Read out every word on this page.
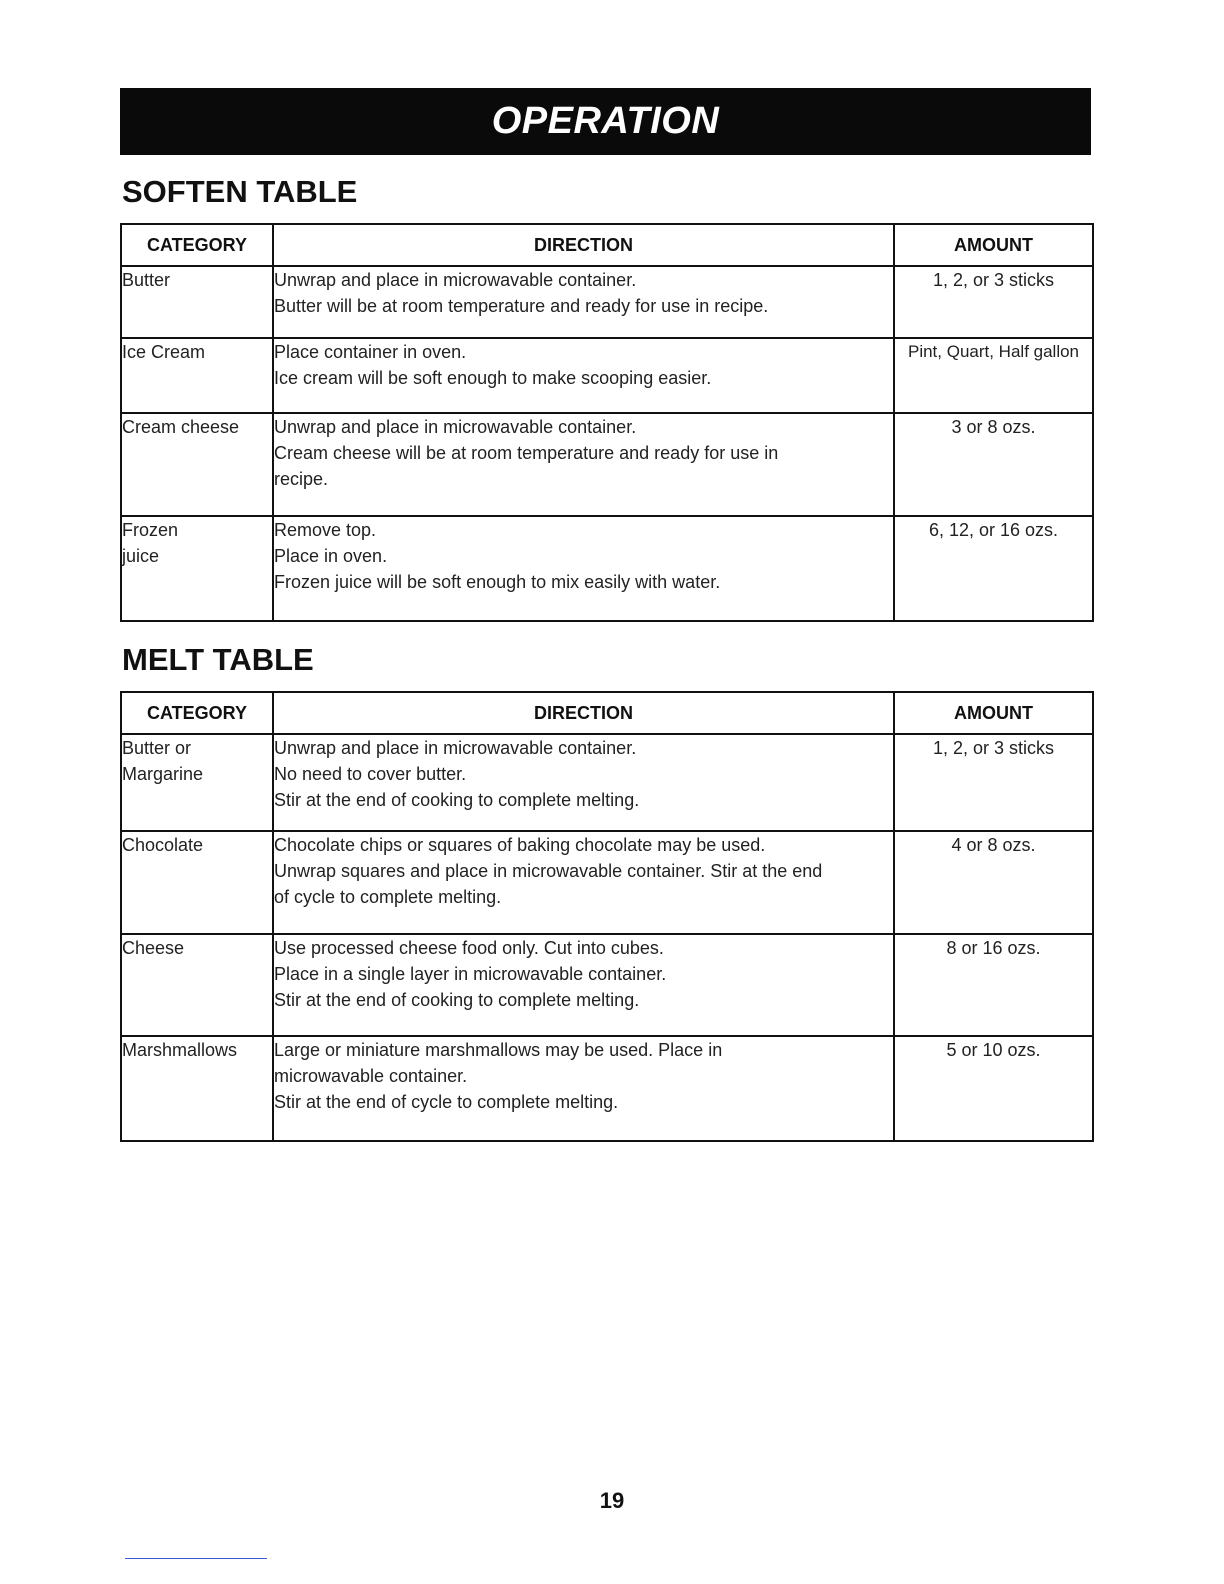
OPERATION
SOFTEN TABLE
CATEGORY	DIRECTION	AMOUNT

Butter	Unwrap and place in microwavable container.
Butter will be at room temperature and ready for use in recipe.	1, 2, or 3 sticks

Ice Cream	Place container in oven.
Ice cream will be soft enough to make scooping easier.	Pint, Quart, Half gallon

Cream cheese	Unwrap and place in microwavable container.
Cream cheese will be at room temperature and ready for use in
recipe.	3 or 8 ozs.

Frozen
juice	Remove top.
Place in oven.
Frozen juice will be soft enough to mix easily with water.	6, 12, or 16 ozs.
MELT TABLE
CATEGORY	DIRECTION	AMOUNT

Butter or
Margarine	Unwrap and place in microwavable container.
No need to cover butter.
Stir at the end of cooking to complete melting.	1, 2, or 3 sticks

Chocolate	Chocolate chips or squares of baking chocolate may be used.
Unwrap squares and place in microwavable container. Stir at the end
of cycle to complete melting.	4 or 8 ozs.

Cheese	Use processed cheese food only. Cut into cubes.
Place in a single layer in microwavable container.
Stir at the end of cooking to complete melting.	8 or 16 ozs.

Marshmallows	Large or miniature marshmallows may be used. Place in
microwavable container.
Stir at the end of cycle to complete melting.	5 or 10 ozs.
19
